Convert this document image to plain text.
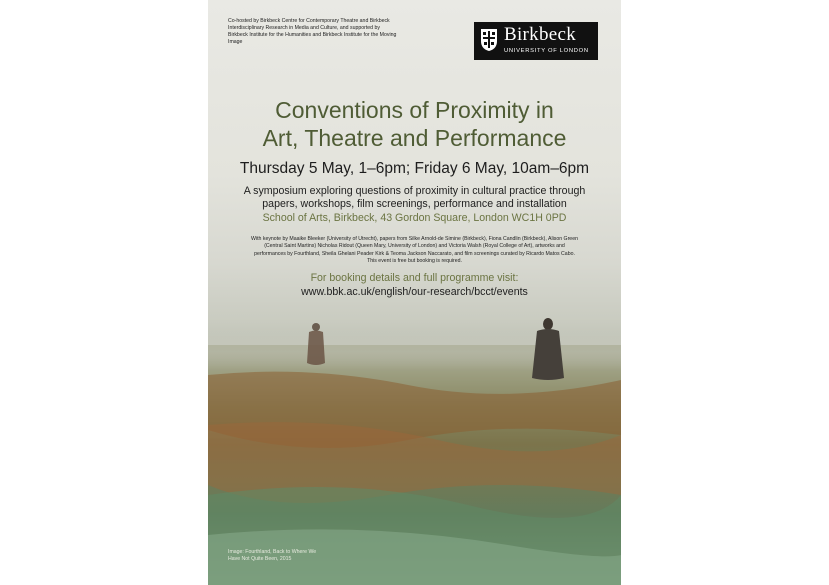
Co-hosted by Birkbeck Centre for Contemporary Theatre and Birkbeck Interdisciplinary Research in Media and Culture, and supported by Birkbeck Institute for the Humanities and Birkbeck Institute for the Moving Image	Birkbeck
UNIVERSITY OF LONDON
Conventions of Proximity in
Art, Theatre and Performance

Thursday 5 May, 1–6pm; Friday 6 May, 10am–6pm

A symposium exploring questions of proximity in cultural practice through
papers, workshops, film screenings, performance and installation

School of Arts, Birkbeck, 43 Gordon Square, London WC1H 0PD

With keynote by Maaike Bleeker (University of Utrecht), papers from Silke Arnold-de Simine (Birkbeck), Fiona Candlin (Birkbeck), Alison Green (Central Saint Martins) Nicholas Ridout (Queen Mary, University of London) and Victoria Walsh (Royal College of Art), artworks and performances by Fourthland, Sheila Ghelani Peader Kirk & Teoma Jackson Naccarato, and film screenings curated by Ricardo Matos Cabo. This event is free but booking is required.

For booking details and full programme visit:

www.bbk.ac.uk/english/our-research/bcct/events

Image: Fourthland, Back to Where We Have Not Quite Been, 2015
